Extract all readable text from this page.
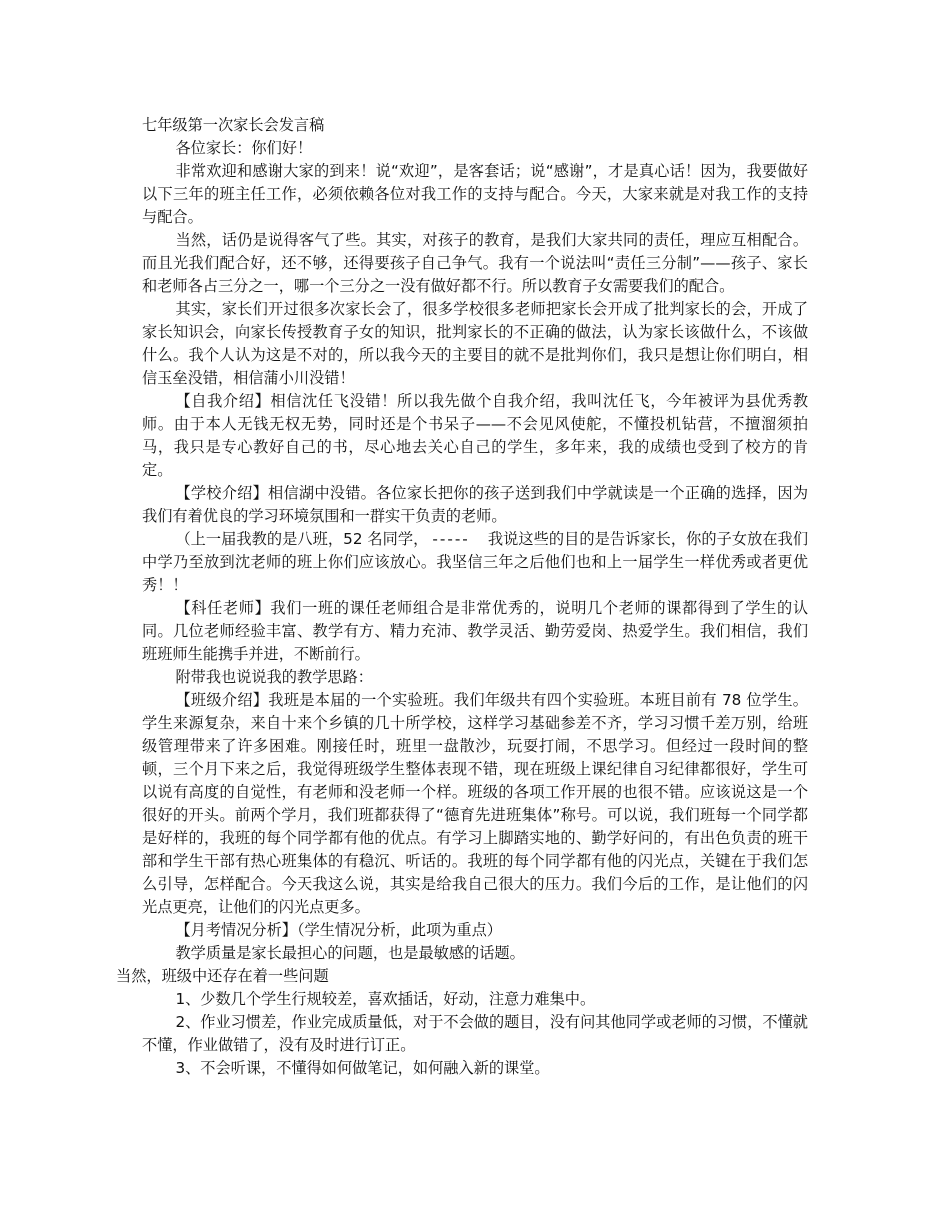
七年级第一次家长会发言稿

各位家长：你们好！

非常欢迎和感谢大家的到来！说“欢迎”，是客套话；说“感谢”，才是真心话！因为，我要做好以下三年的班主任工作，必须依赖各位对我工作的支持与配合。今天，大家来就是对我工作的支持与配合。

当然，话仍是说得客气了些。其实，对孩子的教育，是我们大家共同的责任，理应互相配合。而且光我们配合好，还不够，还得要孩子自己争气。我有一个说法叫“责任三分制”——孩子、家长和老师各占三分之一，哪一个三分之一没有做好都不行。所以教育子女需要我们的配合。

其实，家长们开过很多次家长会了，很多学校很多老师把家长会开成了批判家长的会，开成了家长知识会，向家长传授教育子女的知识，批判家长的不正确的做法，认为家长该做什么，不该做什么。我个人认为这是不对的，所以我今天的主要目的就不是批判你们，我只是想让你们明白，相信玉垒没错，相信蒲小川没错！

【自我介绍】相信沈任飞没错！所以我先做个自我介绍，我叫沈任飞，今年被评为县优秀教师。由于本人无钱无权无势，同时还是个书呆子——不会见风使舵，不懂投机钻营，不擅溜须拍马，我只是专心教好自己的书，尽心地去关心自己的学生，多年来，我的成绩也受到了校方的肯定。

【学校介绍】相信湖中没错。各位家长把你的孩子送到我们中学就读是一个正确的选择，因为我们有着优良的学习环境氛围和一群实干负责的老师。

（上一届我教的是八班，52 名同学， ----- 我说这些的目的是告诉家长，你的子女放在我们中学乃至放到沈老师的班上你们应该放心。我坚信三年之后他们也和上一届学生一样优秀或者更优秀！！

【科任老师】我们一班的课任老师组合是非常优秀的，说明几个老师的课都得到了学生的认同。几位老师经验丰富、教学有方、精力充沛、教学灵活、勤劳爱岗、热爱学生。我们相信，我们班班师生能携手并进，不断前行。

附带我也说说我的教学思路：

【班级介绍】我班是本届的一个实验班。我们年级共有四个实验班。本班目前有 78 位学生。学生来源复杂，来自十来个乡镇的几十所学校，这样学习基础参差不齐，学习习惯千差万别，给班级管理带来了许多困难。刚接任时，班里一盘散沙，玩耍打闹，不思学习。但经过一段时间的整顿，三个月下来之后，我觉得班级学生整体表现不错，现在班级上课纪律自习纪律都很好，学生可以说有高度的自觉性，有老师和没老师一个样。班级的各项工作开展的也很不错。应该说这是一个很好的开头。前两个学月，我们班都获得了“德育先进班集体”称号。可以说，我们班每一个同学都是好样的，我班的每个同学都有他的优点。有学习上脚踏实地的、勤学好问的，有出色负责的班干部和学生干部有热心班集体的有稳沉、听话的。我班的每个同学都有他的闪光点，关键在于我们怎么引导，怎样配合。今天我这么说，其实是给我自己很大的压力。我们今后的工作，是让他们的闪光点更亮，让他们的闪光点更多。

【月考情况分析】（学生情况分析，此项为重点）

教学质量是家长最担心的问题，也是最敏感的话题。

当然，班级中还存在着一些问题

1、少数几个学生行规较差，喜欢插话，好动，注意力难集中。

2、作业习惯差，作业完成质量低，对于不会做的题目，没有问其他同学或老师的习惯，不懂就不懂，作业做错了，没有及时进行订正。

3、不会听课，不懂得如何做笔记，如何融入新的课堂。
